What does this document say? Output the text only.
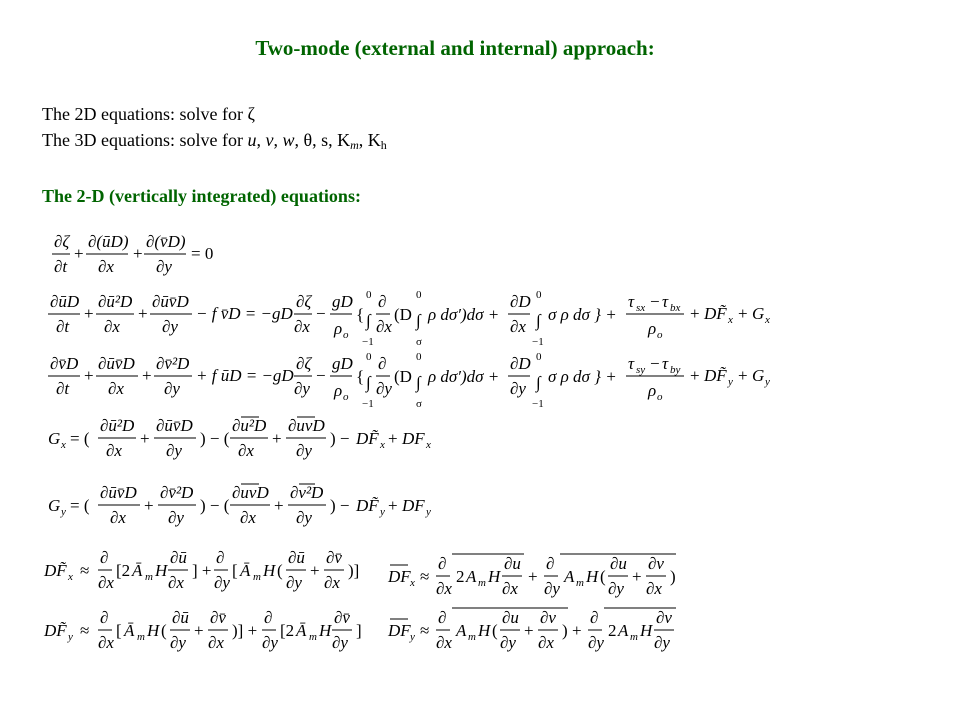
Two-mode (external and internal) approach:
The 2D equations: solve for ζ
The 3D equations: solve for u, v, w, θ, s, $K_m$, $K_h$
The 2-D (vertically integrated) equations:
∂ζ
∂t
+
∂(ūD)
∂x
+
∂(v̄D)
∂y
= 0
∂ūD
∂t
+
∂ū²D
∂x
+
∂ūv̄D
∂y
− f v̄D = −gD
∂ζ
∂x
−
gD
ρ o
{ ∫
0
−1
∂
∂x
(D ∫
0
σ
ρ dσ′)dσ +
∂D
∂x ∫
0
−1
σ ρ dσ } +
τ sx − τ bx
ρ o
+ DF̃ x + G x
∂v̄D
∂t
+
∂ūv̄D
∂x
+
∂v̄²D
∂y
+ f ūD = −gD
∂ζ
∂y
−
gD
ρ o
{ ∫
0
−1
∂
∂y
(D ∫
0
σ
ρ dσ′)dσ +
∂D
∂y ∫
0
−1
σ ρ dσ } +
τ sy − τ by
ρ o
+ DF̃ y + G y
G x = (
∂ū²D
∂x
+
∂ūv̄D
∂y
) − (
∂u²D
∂x
+
∂uvD
∂y
) − DF̃ x + DF x
G y = (
∂ūv̄D
∂x
+
∂v̄²D
∂y
) − (
∂uvD
∂x
+
∂v²D
∂y
) − DF̃ y + DF y
DF̃ x ≈
∂
∂x
[2 Ā m H
∂ū
∂x
] +
∂
∂y
[ Ā m H (
∂ū
∂y
+
∂v̄
∂x
)]
DF̃ y ≈
∂
∂x
[ Ā m H (
∂ū
∂y
+
∂v̄
∂x
)] +
∂
∂y
[2 Ā m H
∂v̄
∂y
]
DF x ≈
∂
∂x
2 A m H
∂u
∂x
+
∂
∂y
A m H (
∂u
∂y
+
∂v
∂x
)
DF y ≈
∂
∂x
A m H (
∂u
∂y
+
∂v
∂x
) +
∂
∂y
2 A m H
∂v
∂y
